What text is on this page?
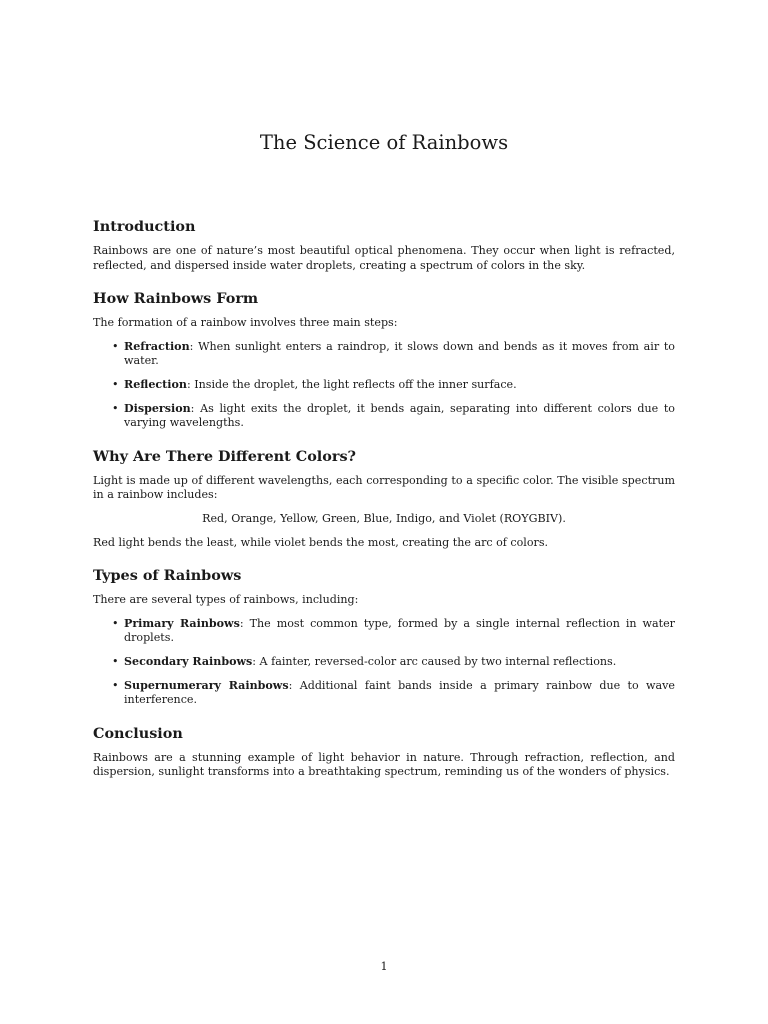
The Science of Rainbows
Introduction

Rainbows are one of nature’s most beautiful optical phenomena. They occur when light is refracted, reflected, and dispersed inside water droplets, creating a spectrum of colors in the sky.

How Rainbows Form

The formation of a rainbow involves three main steps:

• Refraction: When sunlight enters a raindrop, it slows down and bends as it moves from air to water.
• Reflection: Inside the droplet, the light reflects off the inner surface.
• Dispersion: As light exits the droplet, it bends again, separating into different colors due to varying wavelengths.
Why Are There Different Colors?

Light is made up of different wavelengths, each corresponding to a specific color. The visible spectrum in a rainbow includes:

Red, Orange, Yellow, Green, Blue, Indigo, and Violet (ROYGBIV).

Red light bends the least, while violet bends the most, creating the arc of colors.

Types of Rainbows

There are several types of rainbows, including:

• Primary Rainbows: The most common type, formed by a single internal reflection in water droplets.
• Secondary Rainbows: A fainter, reversed-color arc caused by two internal reflections.
• Supernumerary Rainbows: Additional faint bands inside a primary rainbow due to wave interference.
Conclusion

Rainbows are a stunning example of light behavior in nature. Through refraction, reflection, and dispersion, sunlight transforms into a breathtaking spectrum, reminding us of the wonders of physics.

1
